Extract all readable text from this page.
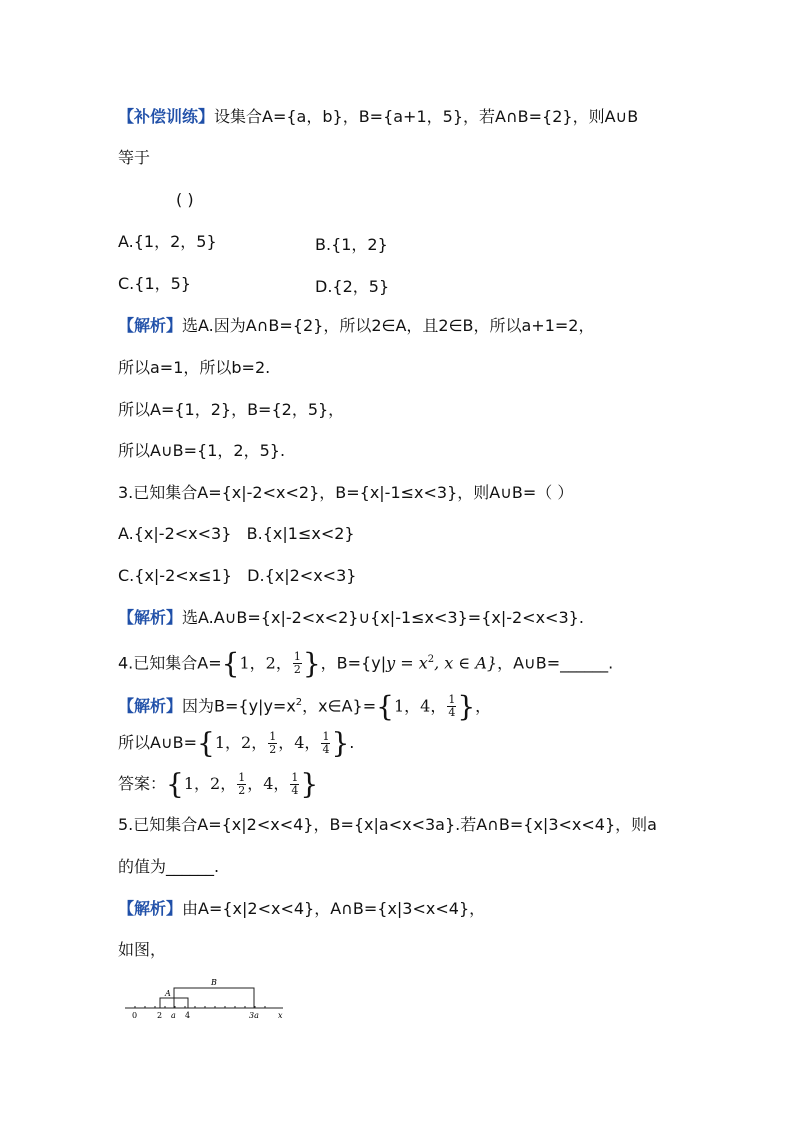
【补偿训练】设集合A={a，b}，B={a+1，5}，若A∩B={2}，则A∪B
等于
( )
A.{1，2，5}	B.{1，2}
C.{1，5}	D.{2，5}
【解析】选A.因为A∩B={2}，所以2∈A，且2∈B，所以a+1=2，
所以a=1，所以b=2.
所以A={1，2}，B={2，5}，
所以A∪B={1，2，5}.
3.已知集合A={x|-2<x<2}，B={x|-1≤x<3}，则A∪B=（ ）
A.{x|-2<x<3} B.{x|1≤x<2}
C.{x|-2<x≤1} D.{x|2<x<3}
【解析】选A.A∪B={x|-2<x<2}∪{x|-1≤x<3}={x|-2<x<3}.
4.已知集合A={1，2， $\frac{1}{2}$ }，$B=\{y|y = x^2$, x ∈ A}，A∪B=______.
【解析】因为$B=\{y|y=x^2$，x∈A}={1，4， $\frac{1}{4}$ }，
所以A∪B={1，2， $\frac{1}{2}$ ，4， $\frac{1}{4}$ }.
答案：{1，2， $\frac{1}{2}$ ，4， $\frac{1}{4}$ }
5.已知集合A={x|2<x<4}，B={x|a<x<3a}.若A∩B={x|3<x<4}，则a
的值为______.
【解析】由A={x|2<x<4}，A∩B={x|3<x<4}，
如图，
A
B
0 2 a 4	3a x
